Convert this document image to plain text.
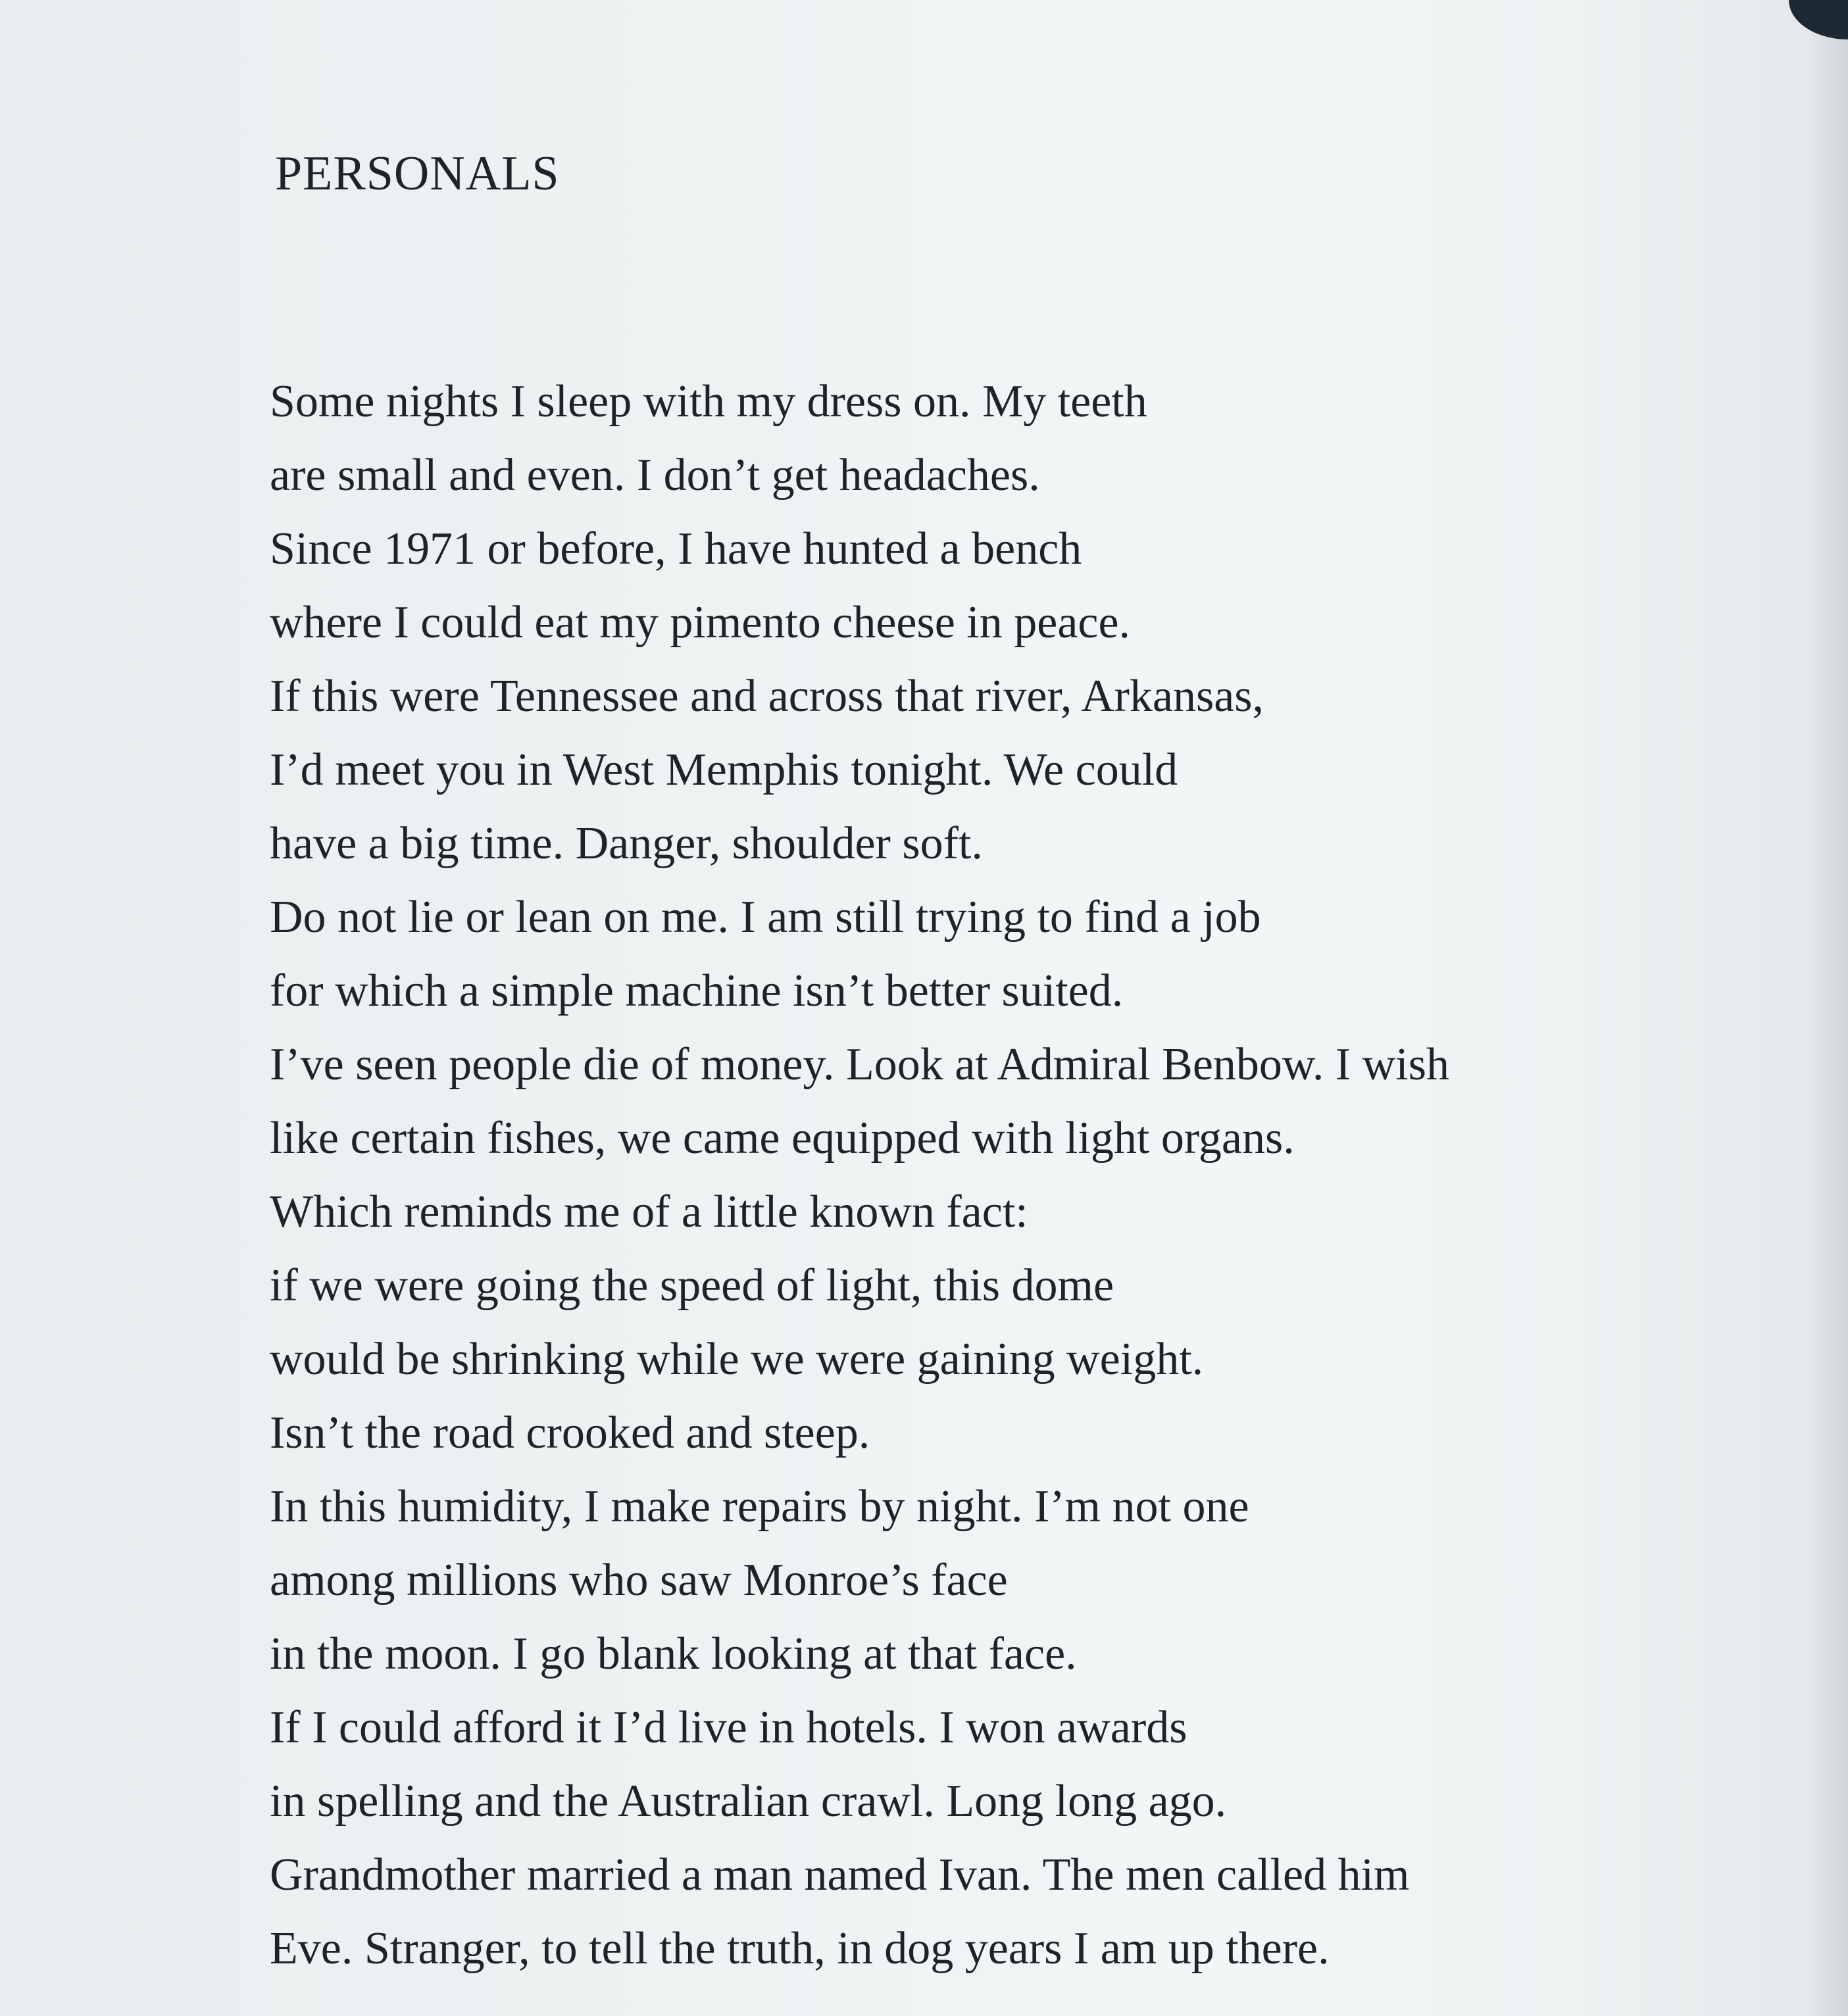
PERSONALS
Some nights I sleep with my dress on. My teeth
are small and even. I don’t get headaches.
Since 1971 or before, I have hunted a bench
where I could eat my pimento cheese in peace.
If this were Tennessee and across that river, Arkansas,
I’d meet you in West Memphis tonight. We could
have a big time. Danger, shoulder soft.
Do not lie or lean on me. I am still trying to find a job
for which a simple machine isn’t better suited.
I’ve seen people die of money. Look at Admiral Benbow. I wish
like certain fishes, we came equipped with light organs.
Which reminds me of a little known fact:
if we were going the speed of light, this dome
would be shrinking while we were gaining weight.
Isn’t the road crooked and steep.
In this humidity, I make repairs by night. I’m not one
among millions who saw Monroe’s face
in the moon. I go blank looking at that face.
If I could afford it I’d live in hotels. I won awards
in spelling and the Australian crawl. Long long ago.
Grandmother married a man named Ivan. The men called him
Eve. Stranger, to tell the truth, in dog years I am up there.
